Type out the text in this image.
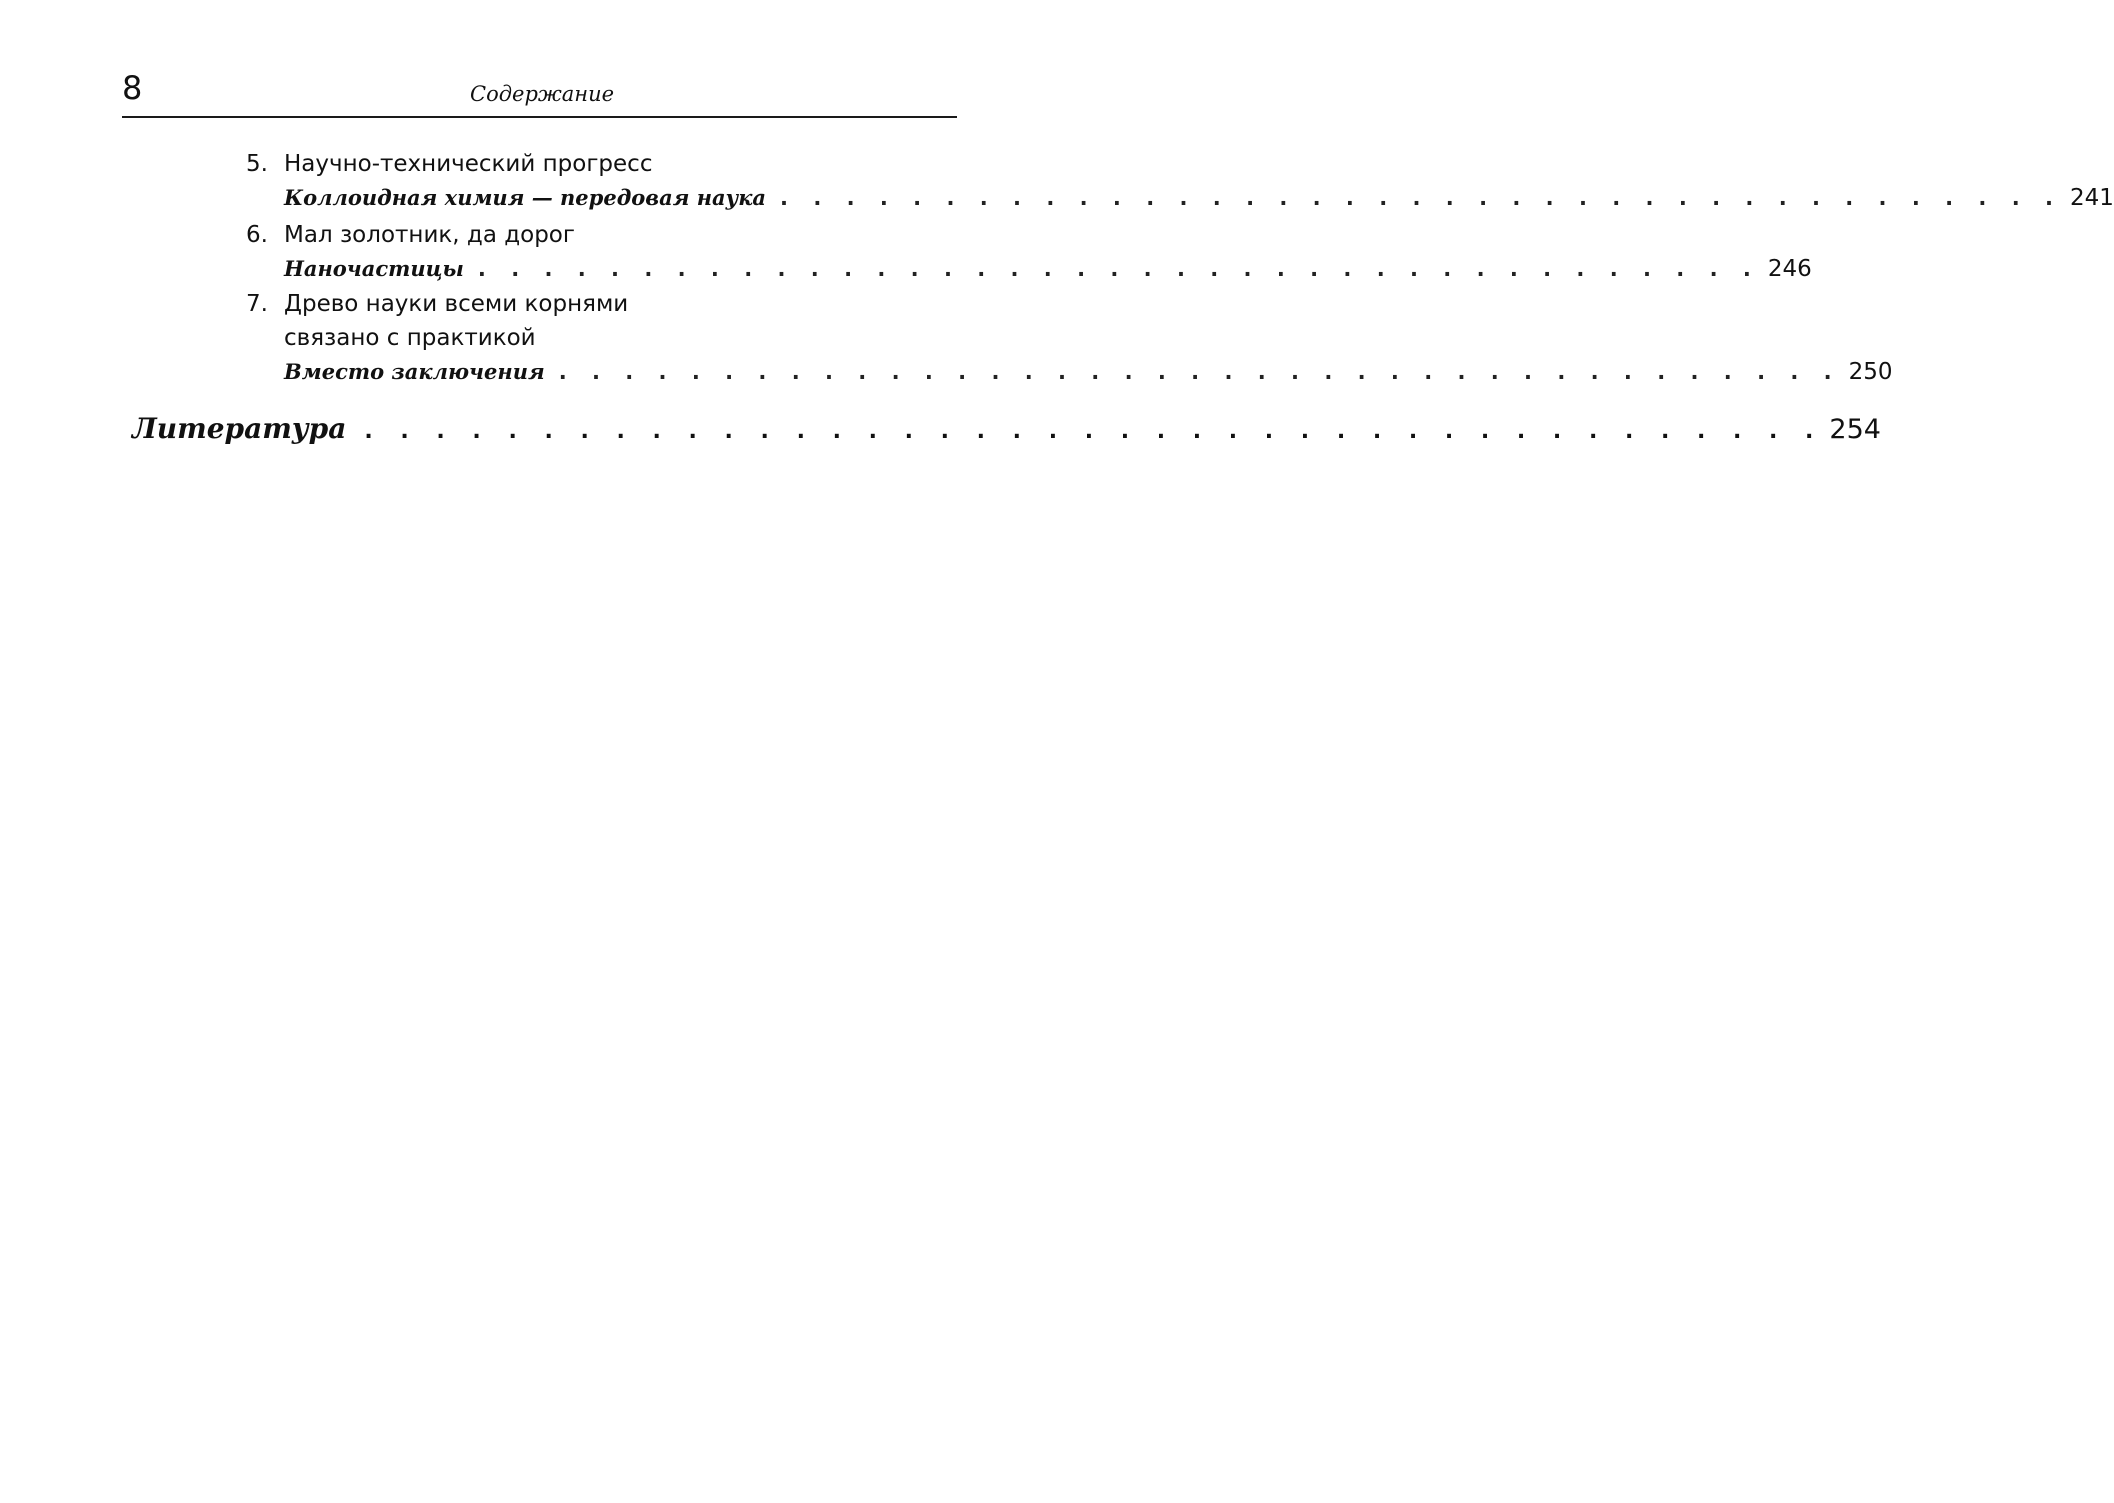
8	Содержание
5. Научно-технический прогресс
Коллоидная химия — передовая наука . . . . . . . . . . . . . . . . . . . . . . . . . . . . . . . . . . . . . . . 241
6. Мал золотник, да дорог
Наночастицы . . . . . . . . . . . . . . . . . . . . . . . . . . . . . . . . . . . . . . . 246
7. Древо науки всеми корнями
связано с практикой
Вместо заключения . . . . . . . . . . . . . . . . . . . . . . . . . . . . . . . . . . . . . . . 250
Литература . . . . . . . . . . . . . . . . . . . . . . . . . . . . . . . . . . . . . . . . . 254
